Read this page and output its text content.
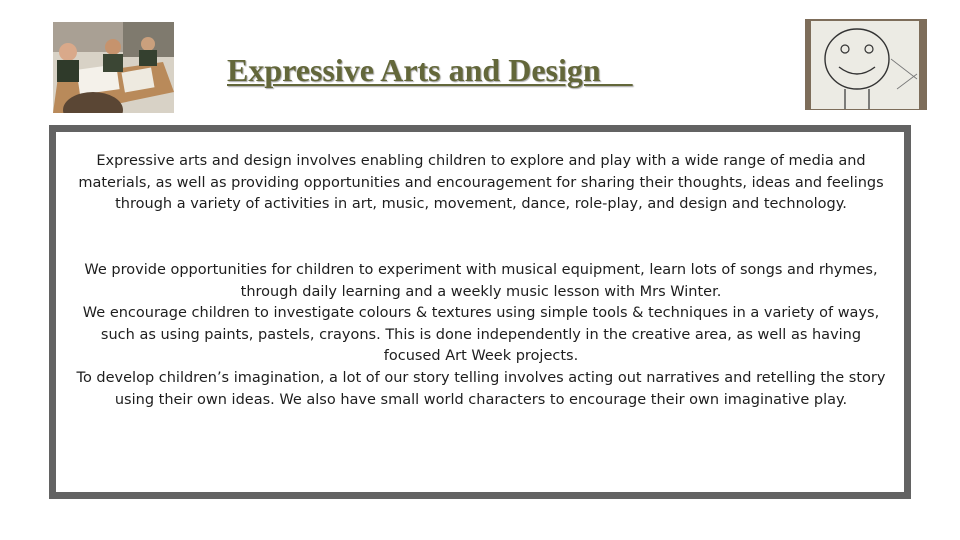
Expressive Arts and Design

Expressive arts and design involves enabling children to explore and play with a wide range of media and materials, as well as providing opportunities and encouragement for sharing their thoughts, ideas and feelings through a variety of activities in art, music, movement, dance, role-play, and design and technology.

We provide opportunities for children to experiment with musical equipment, learn lots of songs and rhymes, through daily learning and a weekly music lesson with Mrs Winter.
We encourage children to investigate colours & textures using simple tools & techniques in a variety of ways, such as using paints, pastels, crayons. This is done independently in the creative area, as well as having focused Art Week projects.
To develop children’s imagination, a lot of our story telling involves acting out narratives and retelling the story using their own ideas. We also have small world characters to encourage their own imaginative play.
